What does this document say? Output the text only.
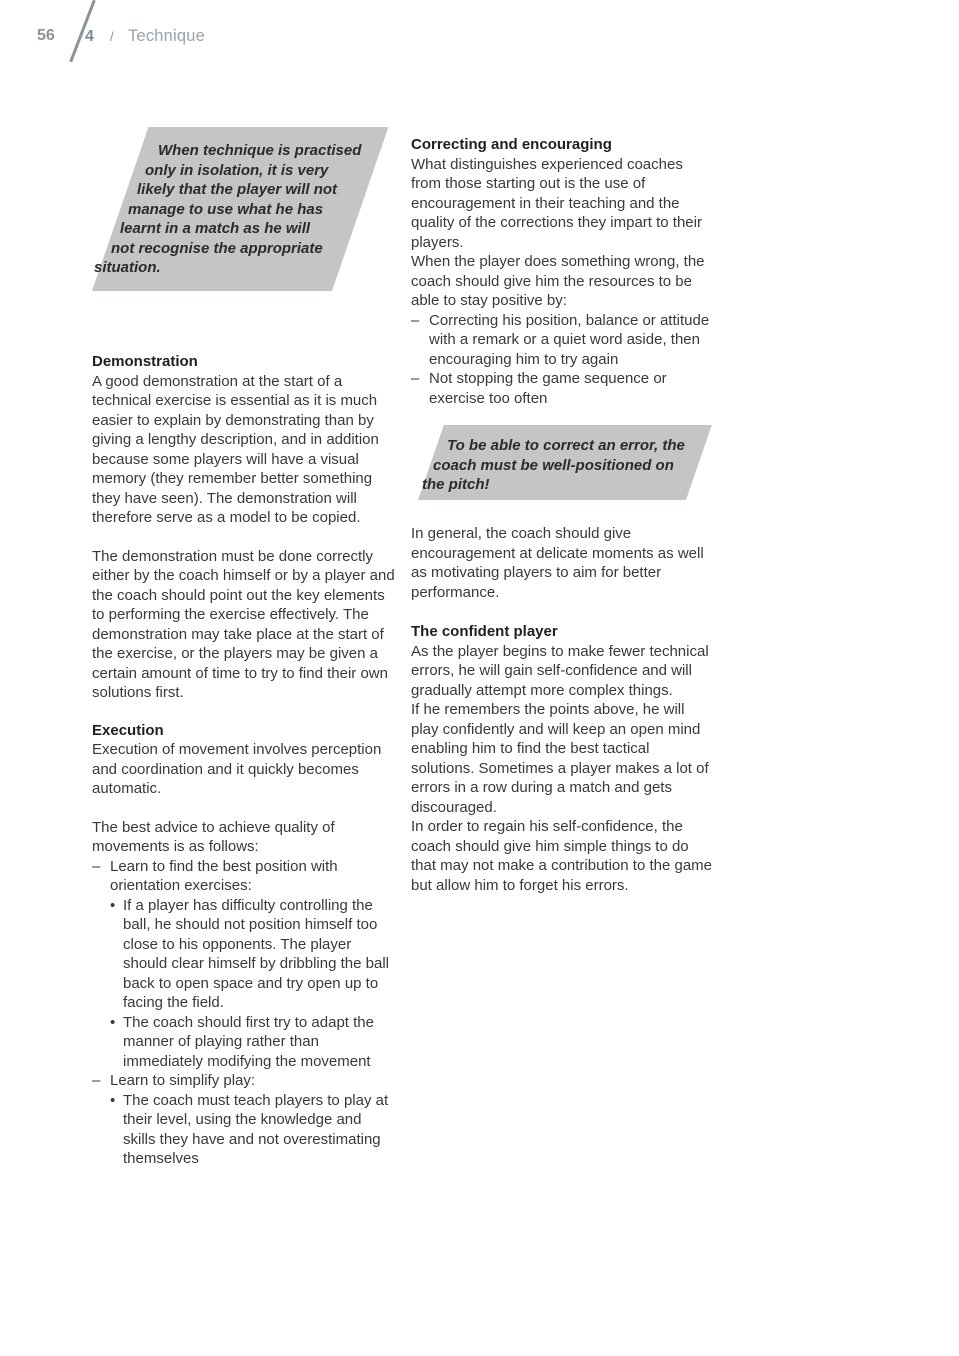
56 4 / Technique
When technique is practised
only in isolation, it is very
likely that the player will not
manage to use what he has
learnt in a match as he will
not recognise the appropriate
situation.
Demonstration

A good demonstration at the start of a technical exercise is essential as it is much easier to explain by demonstrating than by giving a lengthy description, and in addition because some players will have a visual memory (they remember better something they have seen). The demonstration will therefore serve as a model to be copied.

The demonstration must be done correctly either by the coach himself or by a player and the coach should point out the key elements to performing the exercise effectively. The demonstration may take place at the start of the exercise, or the players may be given a certain amount of time to try to find their own solutions first.

Execution

Execution of movement involves perception and coordination and it quickly becomes automatic.

The best advice to achieve quality of movements is as follows:

– Learn to find the best position with orientation exercises:
• If a player has difficulty controlling the ball, he should not position himself too close to his opponents. The player should clear himself by dribbling the ball back to open space and try open up to facing the field.
• The coach should first try to adapt the manner of playing rather than immediately modifying the movement
– Learn to simplify play:
• The coach must teach players to play at their level, using the knowledge and skills they have and not overestimating themselves
Correcting and encouraging

What distinguishes experienced coaches from those starting out is the use of encouragement in their teaching and the quality of the corrections they impart to their players.

When the player does something wrong, the coach should give him the resources to be able to stay positive by:

– Correcting his position, balance or attitude with a remark or a quiet word aside, then encouraging him to try again
– Not stopping the game sequence or exercise too often
To be able to correct an error, the
coach must be well-positioned on
the pitch!

In general, the coach should give encouragement at delicate moments as well as motivating players to aim for better performance.

The confident player

As the player begins to make fewer technical errors, he will gain self-confidence and will gradually attempt more complex things.

If he remembers the points above, he will play confidently and will keep an open mind enabling him to find the best tactical solutions. Sometimes a player makes a lot of errors in a row during a match and gets discouraged.

In order to regain his self-confidence, the coach should give him simple things to do that may not make a contribution to the game but allow him to forget his errors.
